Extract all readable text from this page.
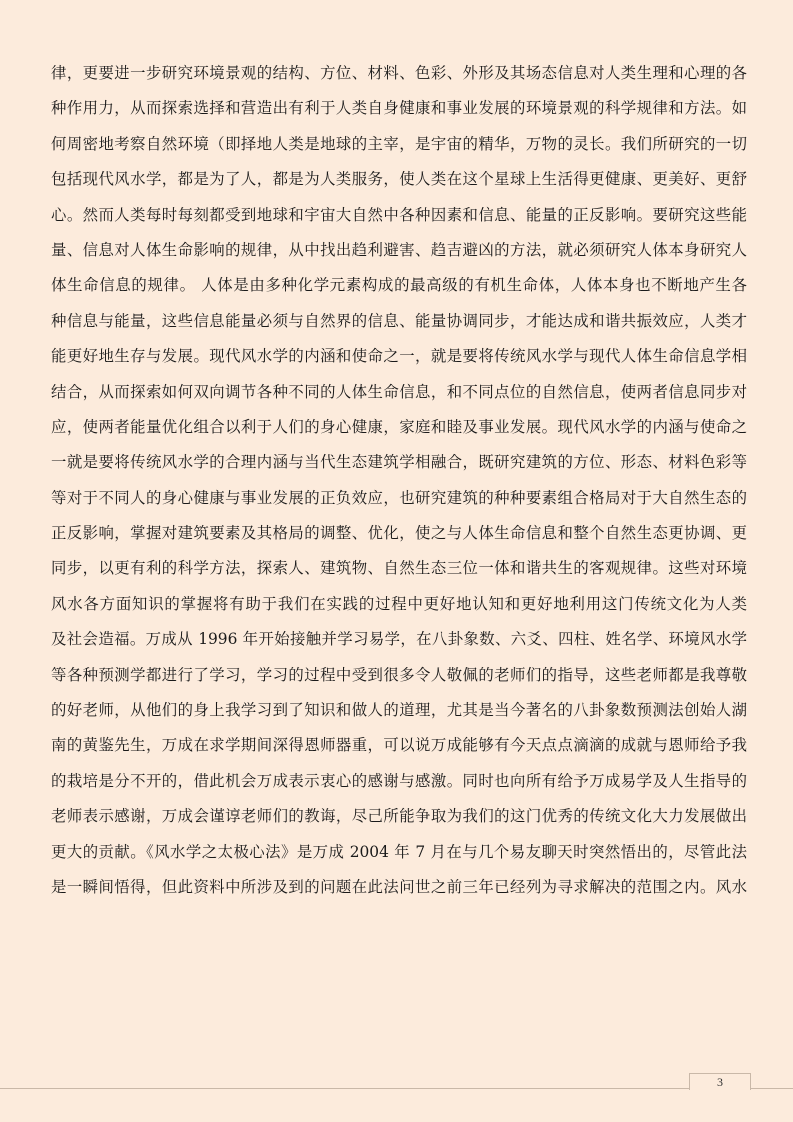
律，更要进一步研究环境景观的结构、方位、材料、色彩、外形及其场态信息对人类生理和心理的各
种作用力，从而探索选择和营造出有利于人类自身健康和事业发展的环境景观的科学规律和方法。如
何周密地考察自然环境（即择地人类是地球的主宰，是宇宙的精华，万物的灵长。我们所研究的一切
包括现代风水学，都是为了人，都是为人类服务，使人类在这个星球上生活得更健康、更美好、更舒
心。然而人类每时每刻都受到地球和宇宙大自然中各种因素和信息、能量的正反影响。要研究这些能
量、信息对人体生命影响的规律，从中找出趋利避害、趋吉避凶的方法，就必须研究人体本身研究人
体生命信息的规律。 人体是由多种化学元素构成的最高级的有机生命体，人体本身也不断地产生各
种信息与能量，这些信息能量必须与自然界的信息、能量协调同步，才能达成和谐共振效应，人类才
能更好地生存与发展。现代风水学的内涵和使命之一，就是要将传统风水学与现代人体生命信息学相
结合，从而探索如何双向调节各种不同的人体生命信息，和不同点位的自然信息，使两者信息同步对
应，使两者能量优化组合以利于人们的身心健康，家庭和睦及事业发展。现代风水学的内涵与使命之
一就是要将传统风水学的合理内涵与当代生态建筑学相融合，既研究建筑的方位、形态、材料色彩等
等对于不同人的身心健康与事业发展的正负效应，也研究建筑的种种要素组合格局对于大自然生态的
正反影响，掌握对建筑要素及其格局的调整、优化，使之与人体生命信息和整个自然生态更协调、更
同步，以更有利的科学方法，探索人、建筑物、自然生态三位一体和谐共生的客观规律。这些对环境
风水各方面知识的掌握将有助于我们在实践的过程中更好地认知和更好地利用这门传统文化为人类
及社会造福。万成从 1996 年开始接触并学习易学，在八卦象数、六爻、四柱、姓名学、环境风水学
等各种预测学都进行了学习，学习的过程中受到很多令人敬佩的老师们的指导，这些老师都是我尊敬
的好老师，从他们的身上我学习到了知识和做人的道理，尤其是当今著名的八卦象数预测法创始人湖
南的黄鉴先生，万成在求学期间深得恩师器重，可以说万成能够有今天点点滴滴的成就与恩师给予我
的栽培是分不开的，借此机会万成表示衷心的感谢与感激。同时也向所有给予万成易学及人生指导的
老师表示感谢，万成会谨谆老师们的教诲，尽己所能争取为我们的这门优秀的传统文化大力发展做出
更大的贡献。《风水学之太极心法》是万成 2004 年 7 月在与几个易友聊天时突然悟出的，尽管此法
是一瞬间悟得，但此资料中所涉及到的问题在此法问世之前三年已经列为寻求解决的范围之内。风水
3
